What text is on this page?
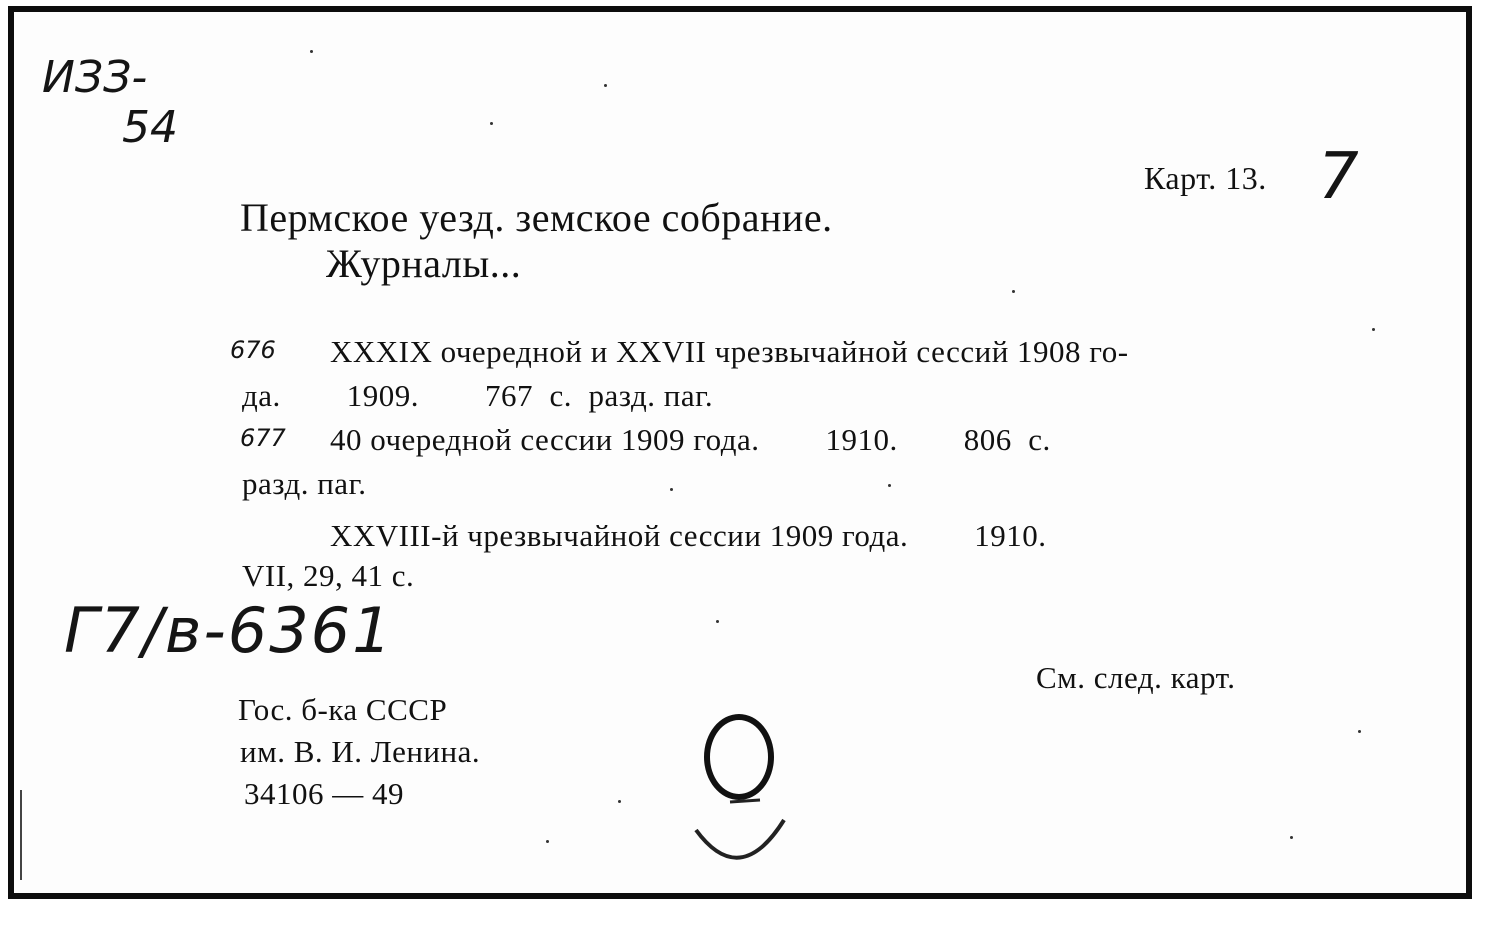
ИЗЗ-
54
7
Г7/в-6361
676
677
Карт. 13.
Пермское уезд. земское собрание.
Журналы...
XXXIX очередной и XXVII чрезвычайной сессий 1908 го-
да.        1909.        767  с.  разд. паг.
40 очередной сессии 1909 года.        1910.        806  с.
разд. паг.
XXVIII-й чрезвычайной сессии 1909 года.        1910.
VII, 29, 41 с.
См. след. карт.
Гос. б-ка СССР
им. В. И. Ленина.
34106 — 49
